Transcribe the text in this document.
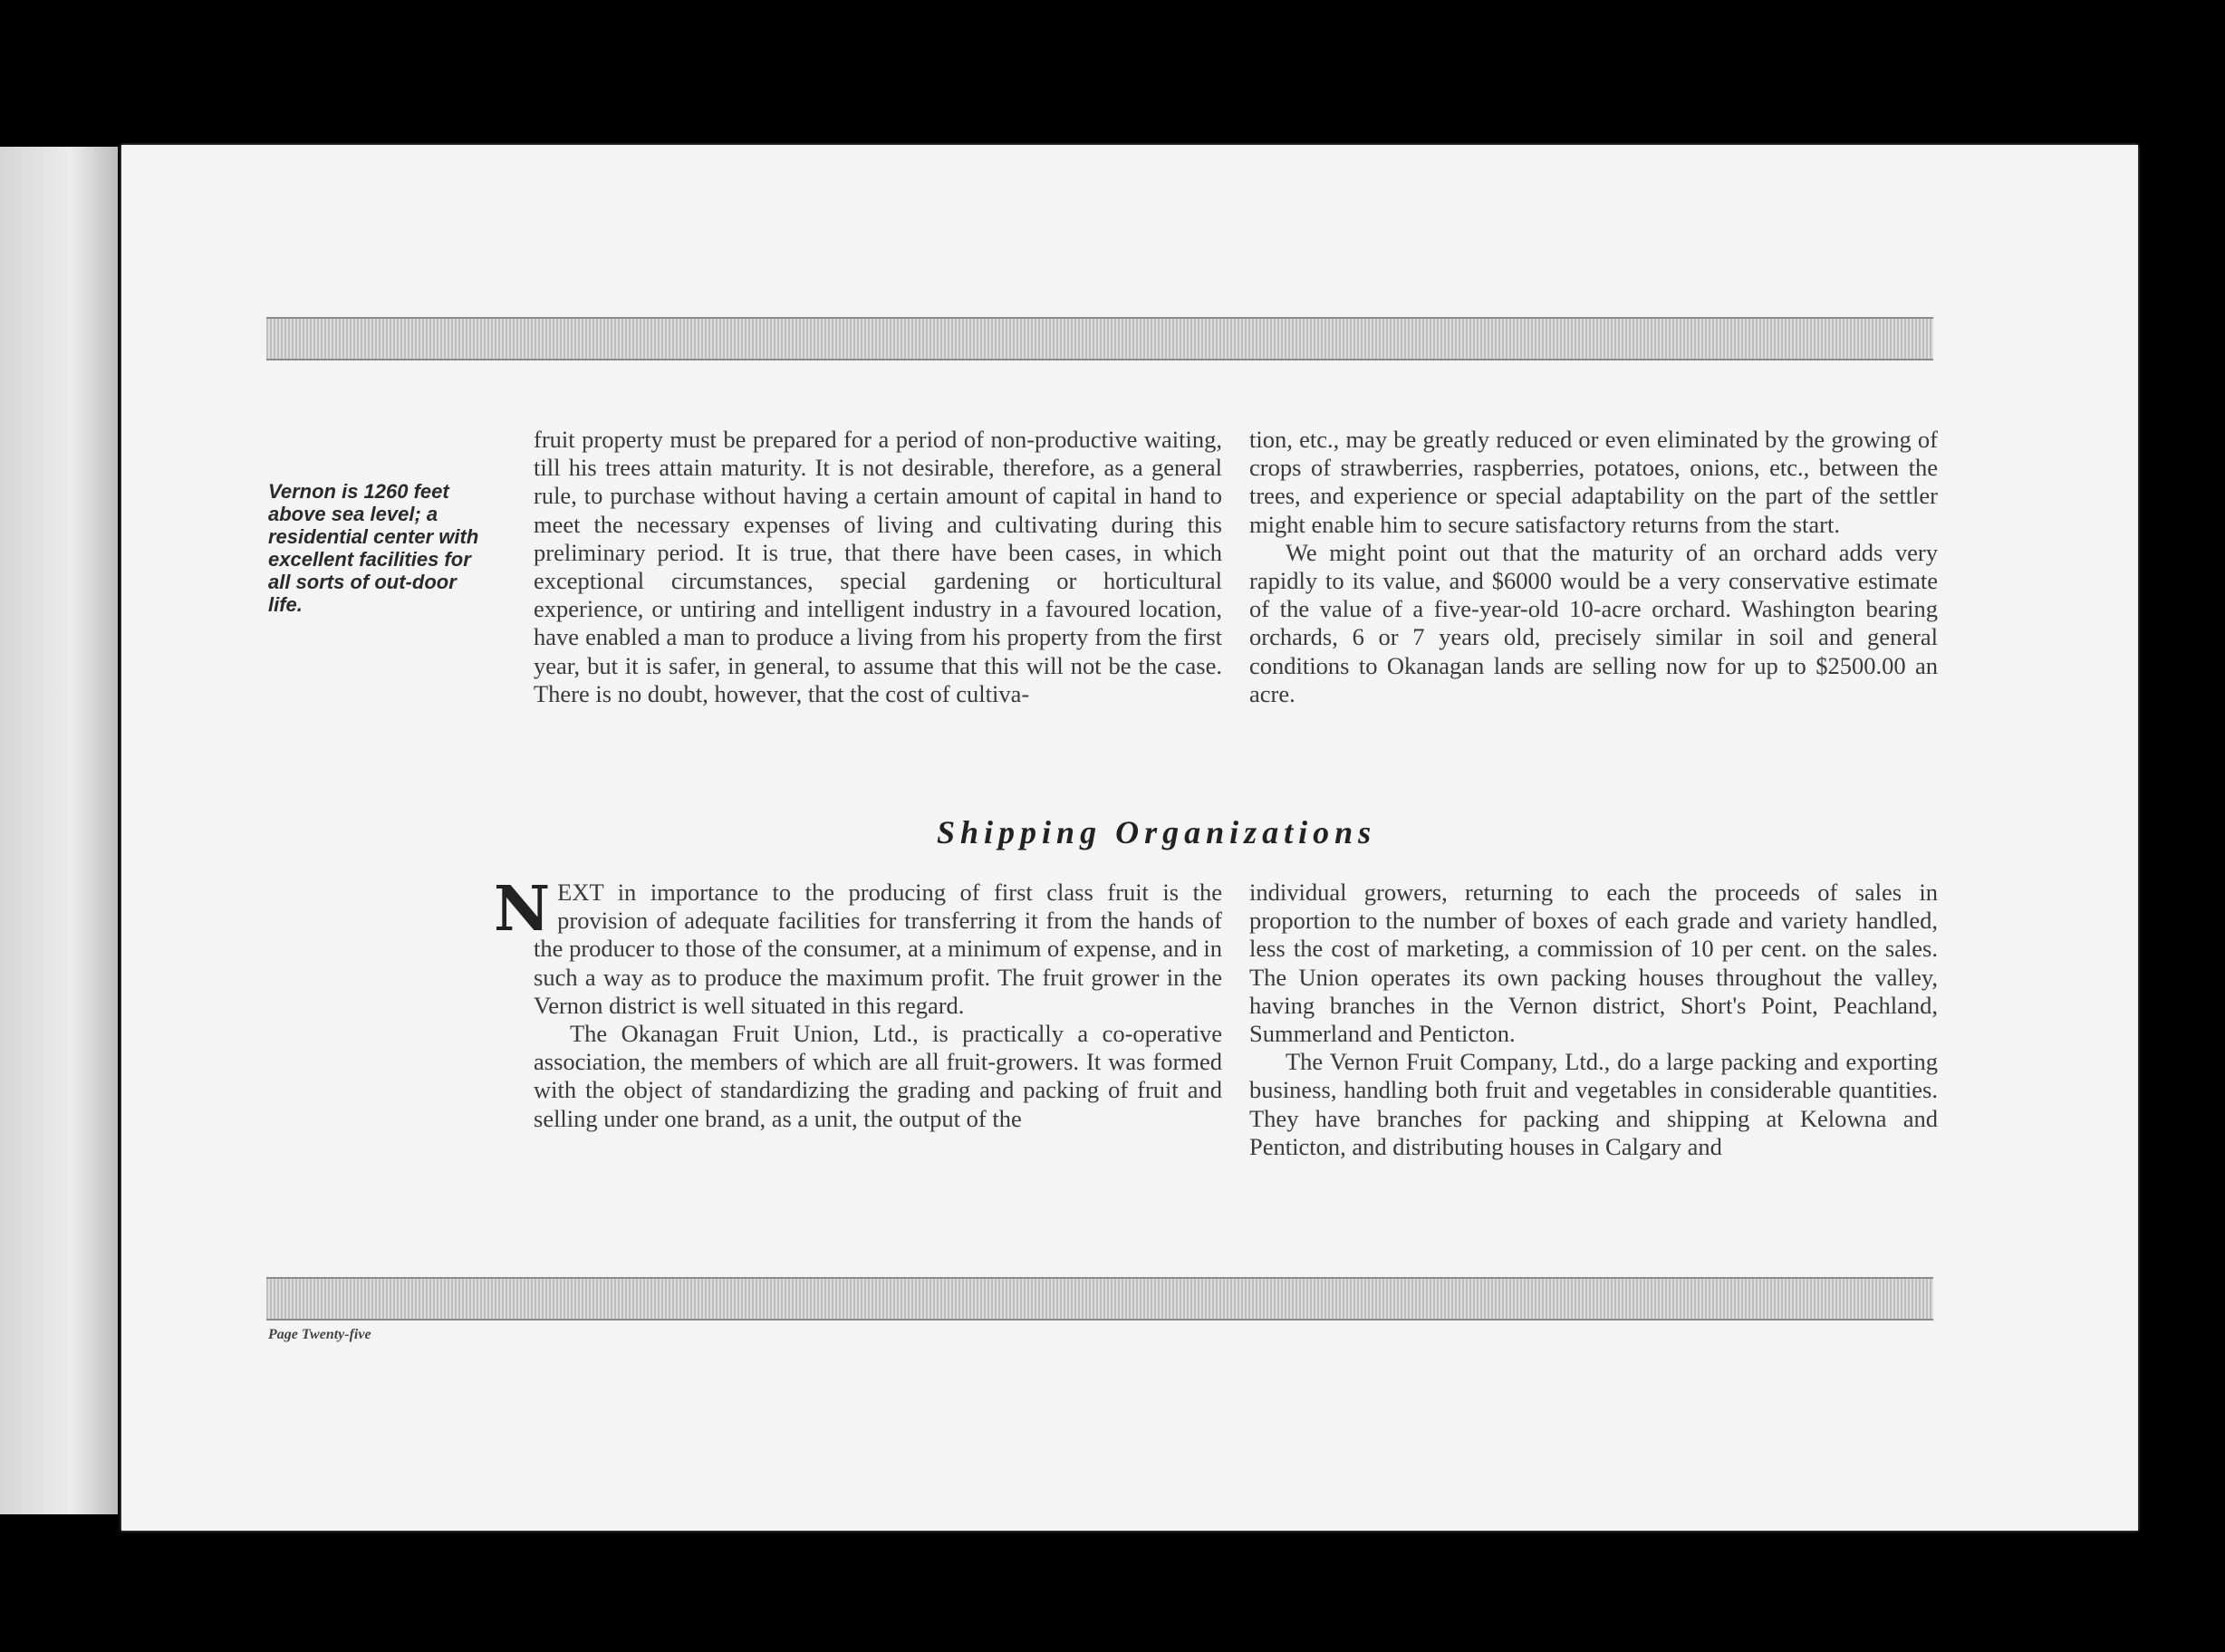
Vernon is 1260 feet above sea level; a residential center with excellent facilities for all sorts of out-door life.

fruit property must be prepared for a period of non-productive waiting, till his trees attain maturity. It is not desirable, therefore, as a general rule, to purchase without having a certain amount of capital in hand to meet the necessary expenses of living and cultivating during this preliminary period. It is true, that there have been cases, in which exceptional circumstances, special gardening or horticultural experience, or untiring and intelligent industry in a favoured location, have enabled a man to produce a living from his property from the first year, but it is safer, in general, to assume that this will not be the case. There is no doubt, however, that the cost of cultiva-

tion, etc., may be greatly reduced or even eliminated by the growing of crops of strawberries, raspberries, potatoes, onions, etc., between the trees, and experience or special adaptability on the part of the settler might enable him to secure satisfactory returns from the start.

We might point out that the maturity of an orchard adds very rapidly to its value, and $6000 would be a very conservative estimate of the value of a five-year-old 10-acre orchard. Washington bearing orchards, 6 or 7 years old, precisely similar in soil and general conditions to Okanagan lands are selling now for up to $2500.00 an acre.

Shipping Organizations

NEXT in importance to the producing of first class fruit is the provision of adequate facilities for transferring it from the hands of the producer to those of the consumer, at a minimum of expense, and in such a way as to produce the maximum profit. The fruit grower in the Vernon district is well situated in this regard.

The Okanagan Fruit Union, Ltd., is practically a co-operative association, the members of which are all fruit-growers. It was formed with the object of standardizing the grading and packing of fruit and selling under one brand, as a unit, the output of the

individual growers, returning to each the proceeds of sales in proportion to the number of boxes of each grade and variety handled, less the cost of marketing, a commission of 10 per cent. on the sales. The Union operates its own packing houses throughout the valley, having branches in the Vernon district, Short's Point, Peachland, Summerland and Penticton.

The Vernon Fruit Company, Ltd., do a large packing and exporting business, handling both fruit and vegetables in considerable quantities. They have branches for packing and shipping at Kelowna and Penticton, and distributing houses in Calgary and

Page Twenty-five
